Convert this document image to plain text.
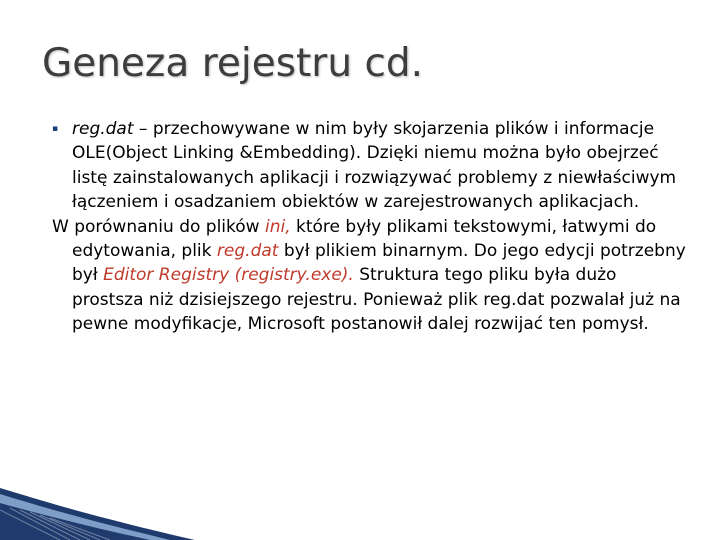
Geneza rejestru cd.

▪ reg.dat – przechowywane w nim były skojarzenia plików i informacje OLE(Object Linking &Embedding). Dzięki niemu można było obejrzeć listę zainstalowanych aplikacji i rozwiązywać problemy z niewłaściwym łączeniem i osadzaniem obiektów w zarejestrowanych aplikacjach.

W porównaniu do plików ini, które były plikami tekstowymi, łatwymi do edytowania, plik reg.dat był plikiem binarnym. Do jego edycji potrzebny był Editor Registry (registry.exe). Struktura tego pliku była dużo prostsza niż dzisiejszego rejestru. Ponieważ plik reg.dat pozwalał już na pewne modyfikacje, Microsoft postanowił dalej rozwijać ten pomysł.
